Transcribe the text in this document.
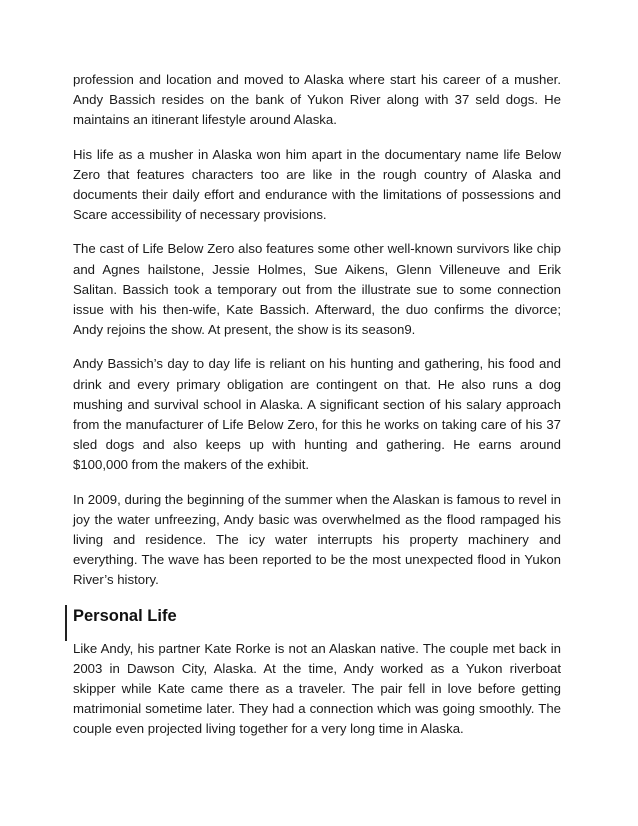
profession and location and moved to Alaska where start his career of a musher. Andy Bassich resides on the bank of Yukon River along with 37 seld dogs. He maintains an itinerant lifestyle around Alaska.

His life as a musher in Alaska won him apart in the documentary name life Below Zero that features characters too are like in the rough country of Alaska and documents their daily effort and endurance with the limitations of possessions and Scare accessibility of necessary provisions.

The cast of Life Below Zero also features some other well-known survivors like chip and Agnes hailstone, Jessie Holmes, Sue Aikens, Glenn Villeneuve and Erik Salitan. Bassich took a temporary out from the illustrate sue to some connection issue with his then-wife, Kate Bassich. Afterward, the duo confirms the divorce; Andy rejoins the show. At present, the show is its season9.

Andy Bassich’s day to day life is reliant on his hunting and gathering, his food and drink and every primary obligation are contingent on that. He also runs a dog mushing and survival school in Alaska. A significant section of his salary approach from the manufacturer of Life Below Zero, for this he works on taking care of his 37 sled dogs and also keeps up with hunting and gathering. He earns around $100,000 from the makers of the exhibit.

In 2009, during the beginning of the summer when the Alaskan is famous to revel in joy the water unfreezing, Andy basic was overwhelmed as the flood rampaged his living and residence. The icy water interrupts his property machinery and everything. The wave has been reported to be the most unexpected flood in Yukon River’s history.

Personal Life

Like Andy, his partner Kate Rorke is not an Alaskan native. The couple met back in 2003 in Dawson City, Alaska. At the time, Andy worked as a Yukon riverboat skipper while Kate came there as a traveler. The pair fell in love before getting matrimonial sometime later. They had a connection which was going smoothly. The couple even projected living together for a very long time in Alaska.
